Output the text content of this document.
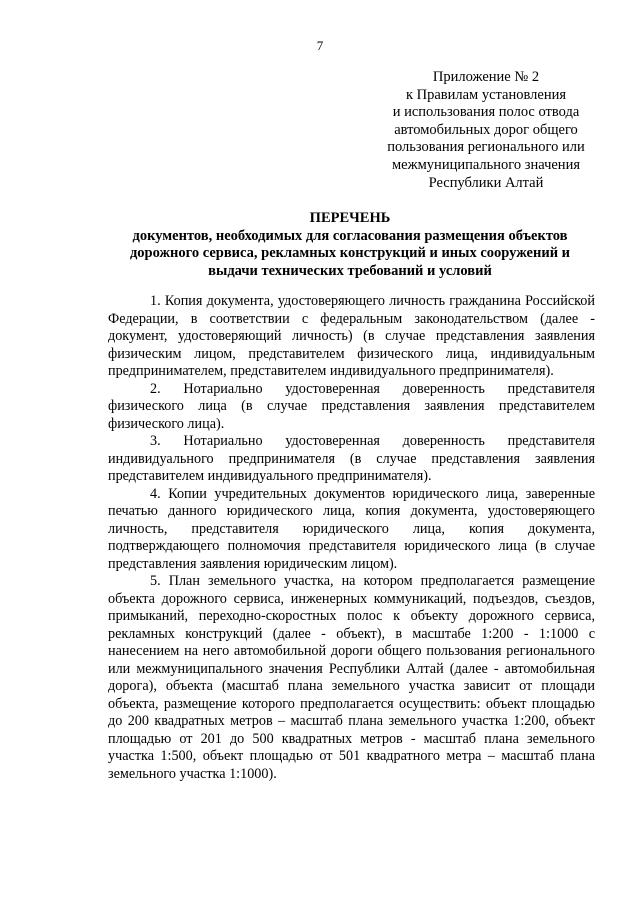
7
Приложение № 2
к Правилам установления
и использования полос отвода
автомобильных дорог общего
пользования регионального или
межмуниципального значения
Республики Алтай
ПЕРЕЧЕНЬ
документов, необходимых для согласования размещения объектов
дорожного сервиса, рекламных конструкций и иных сооружений и
выдачи технических требований и условий

1. Копия документа, удостоверяющего личность гражданина Российской Федерации, в соответствии с федеральным законодательством (далее - документ, удостоверяющий личность) (в случае представления заявления физическим лицом, представителем физического лица, индивидуальным предпринимателем, представителем индивидуального предпринимателя).

2. Нотариально удостоверенная доверенность представителя физического лица (в случае представления заявления представителем физического лица).

3. Нотариально удостоверенная доверенность представителя индивидуального предпринимателя (в случае представления заявления представителем индивидуального предпринимателя).

4. Копии учредительных документов юридического лица, заверенные печатью данного юридического лица, копия документа, удостоверяющего личность, представителя юридического лица, копия документа, подтверждающего полномочия представителя юридического лица (в случае представления заявления юридическим лицом).

5. План земельного участка, на котором предполагается размещение объекта дорожного сервиса, инженерных коммуникаций, подъездов, съездов, примыканий, переходно-скоростных полос к объекту дорожного сервиса, рекламных конструкций (далее - объект), в масштабе 1:200 - 1:1000 с нанесением на него автомобильной дороги общего пользования регионального или межмуниципального значения Республики Алтай (далее - автомобильная дорога), объекта (масштаб плана земельного участка зависит от площади объекта, размещение которого предполагается осуществить: объект площадью до 200 квадратных метров – масштаб плана земельного участка 1:200, объект площадью от 201 до 500 квадратных метров - масштаб плана земельного участка 1:500, объект площадью от 501 квадратного метра – масштаб плана земельного участка 1:1000).
